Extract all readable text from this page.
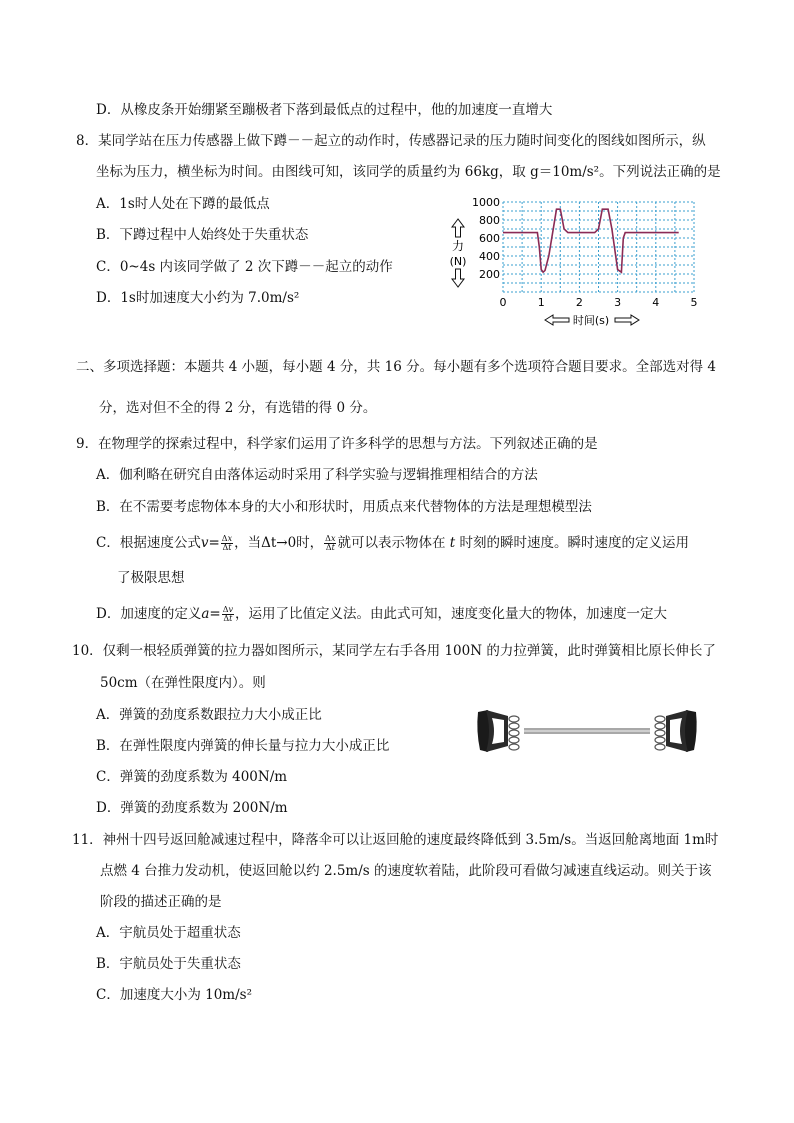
D．从橡皮条开始绷紧至蹦极者下落到最低点的过程中，他的加速度一直增大
8．某同学站在压力传感器上做下蹲－－起立的动作时，传感器记录的压力随时间变化的图线如图所示，纵
坐标为压力，横坐标为时间。由图线可知，该同学的质量约为 66kg，取 g＝10m/s²。下列说法正确的是
A．1s时人处在下蹲的最低点
B．下蹲过程中人始终处于失重状态
C．0~4s 内该同学做了 2 次下蹲－－起立的动作
D．1s时加速度大小约为 7.0m/s²
力
(N)
1000
800
600
400
200
0	1	2	3	4	5
时间(s)
二、多项选择题：本题共 4 小题，每小题 4 分，共 16 分。每小题有多个选项符合题目要求。全部选对得 4
分，选对但不全的得 2 分，有选错的得 0 分。
9．在物理学的探索过程中，科学家们运用了许多科学的思想与方法。下列叙述正确的是
A．伽利略在研究自由落体运动时采用了科学实验与逻辑推理相结合的方法
B．在不需要考虑物体本身的大小和形状时，用质点来代替物体的方法是理想模型法
C．根据速度公式$v= \frac{\Delta x}{\Delta t}$ ，当Δt→0时， $\frac{\Delta x}{\Delta t}$ 就可以表示物体在 t 时刻的瞬时速度。瞬时速度的定义运用
了极限思想
D．加速度的定义$a= \frac{\Delta v}{\Delta t}$ ，运用了比值定义法。由此式可知，速度变化量大的物体，加速度一定大
10．仅剩一根轻质弹簧的拉力器如图所示，某同学左右手各用 100N 的力拉弹簧，此时弹簧相比原长伸长了
50cm（在弹性限度内）。则
A．弹簧的劲度系数跟拉力大小成正比
B．在弹性限度内弹簧的伸长量与拉力大小成正比
C．弹簧的劲度系数为 400N/m
D．弹簧的劲度系数为 200N/m
11．神州十四号返回舱减速过程中，降落伞可以让返回舱的速度最终降低到 3.5m/s。当返回舱离地面 1m时
点燃 4 台推力发动机，使返回舱以约 2.5m/s 的速度软着陆，此阶段可看做匀减速直线运动。则关于该
阶段的描述正确的是
A．宇航员处于超重状态
B．宇航员处于失重状态
C．加速度大小为 10m/s²
